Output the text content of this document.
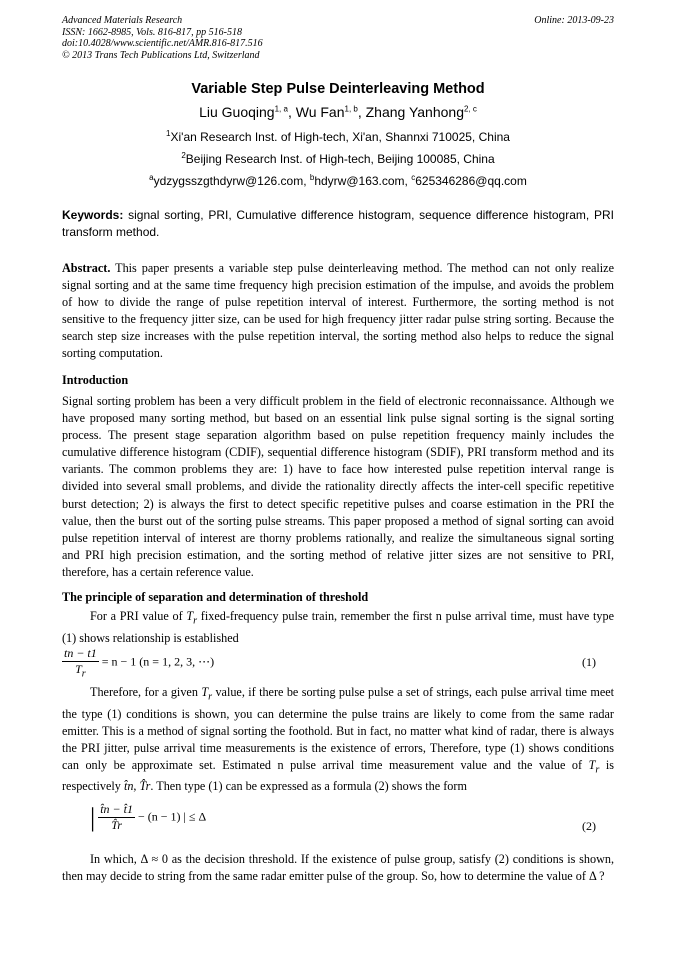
Advanced Materials Research
ISSN: 1662-8985, Vols. 816-817, pp 516-518
doi:10.4028/www.scientific.net/AMR.816-817.516
© 2013 Trans Tech Publications Ltd, Switzerland
Online: 2013-09-23
Variable Step Pulse Deinterleaving Method
Liu Guoqing$^{1, a}$, Wu Fan$^{1, b}$, Zhang Yanhong$^{2, c}$
$^1$Xi'an Research Inst. of High-tech, Xi'an, Shannxi 710025, China
$^2$Beijing Research Inst. of High-tech, Beijing 100085, China
$^a$ydzygsszgthdyrw@126.com, $^b$hdyrw@163.com, $^c$625346286@qq.com
Keywords: signal sorting, PRI, Cumulative difference histogram, sequence difference histogram, PRI transform method.
Abstract. This paper presents a variable step pulse deinterleaving method. The method can not only realize signal sorting and at the same time frequency high precision estimation of the impulse, and avoids the problem of how to divide the range of pulse repetition interval of interest. Furthermore, the sorting method is not sensitive to the frequency jitter size, can be used for high frequency jitter radar pulse string sorting. Because the search step size increases with the pulse repetition interval, the sorting method also helps to reduce the signal sorting computation.
Introduction
Signal sorting problem has been a very difficult problem in the field of electronic reconnaissance. Although we have proposed many sorting method, but based on an essential link pulse signal sorting is the signal sorting process. The present stage separation algorithm based on pulse repetition frequency mainly includes the cumulative difference histogram (CDIF), sequential difference histogram (SDIF), PRI transform method and its variants. The common problems they are: 1) have to face how interested pulse repetition interval range is divided into several small problems, and divide the rationality directly affects the inter-cell specific repetitive burst detection; 2) is always the first to detect specific repetitive pulses and coarse estimation in the PRI the value, then the burst out of the sorting pulse streams. This paper proposed a method of signal sorting can avoid pulse repetition interval of interest are thorny problems rationally, and realize the simultaneous signal sorting and PRI high precision estimation, and the sorting method of relative jitter sizes are not sensitive to PRI, therefore, has a certain reference value.
The principle of separation and determination of threshold
For a PRI value of $T_r$ fixed-frequency pulse train, remember the first n pulse arrival time, must have type (1) shows relationship is established
$\frac{tn - t1}{T_r} = n - 1$ (n = 1, 2, 3, ⋯)	(1)
Therefore, for a given $T_r$ value, if there be sorting pulse pulse a set of strings, each pulse arrival time meet the type (1) conditions is shown, you can determine the pulse trains are likely to come from the same radar emitter. This is a method of signal sorting the foothold. But in fact, no matter what kind of radar, there is always the PRI jitter, pulse arrival time measurements is the existence of errors, Therefore, type (1) shows conditions can only be approximate set. Estimated n pulse arrival time measurement value and the value of $T_r$ is respectively t̂n, T̂r. Then type (1) can be expressed as a formula (2) shows the form
| $\frac{t̂n - t̂1}{T̂r} - (n - 1)$ | ≤ Δ
(2)
In which, Δ ≈ 0 as the decision threshold. If the existence of pulse group, satisfy (2) conditions is shown, then may decide to string from the same radar emitter pulse of the group. So, how to determine the value of Δ ?
